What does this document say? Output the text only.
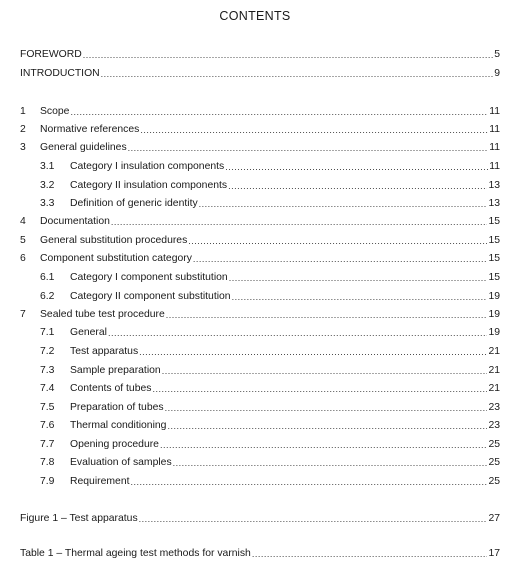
CONTENTS
FOREWORD .....	5
INTRODUCTION .....	9
1	Scope .....	11
2	Normative references .....	11
3	General guidelines .....	11
3.1	Category I insulation components .....	11
3.2	Category II insulation components .....	13
3.3	Definition of generic identity .....	13
4	Documentation .....	15
5	General substitution procedures .....	15
6	Component substitution category .....	15
6.1	Category I component substitution .....	15
6.2	Category II component substitution .....	19
7	Sealed tube test procedure .....	19
7.1	General .....	19
7.2	Test apparatus .....	21
7.3	Sample preparation .....	21
7.4	Contents of tubes .....	21
7.5	Preparation of tubes .....	23
7.6	Thermal conditioning .....	23
7.7	Opening procedure .....	25
7.8	Evaluation of samples .....	25
7.9	Requirement .....	25
Figure 1 – Test apparatus .....	27
Table 1 – Thermal ageing test methods for varnish .....	17
